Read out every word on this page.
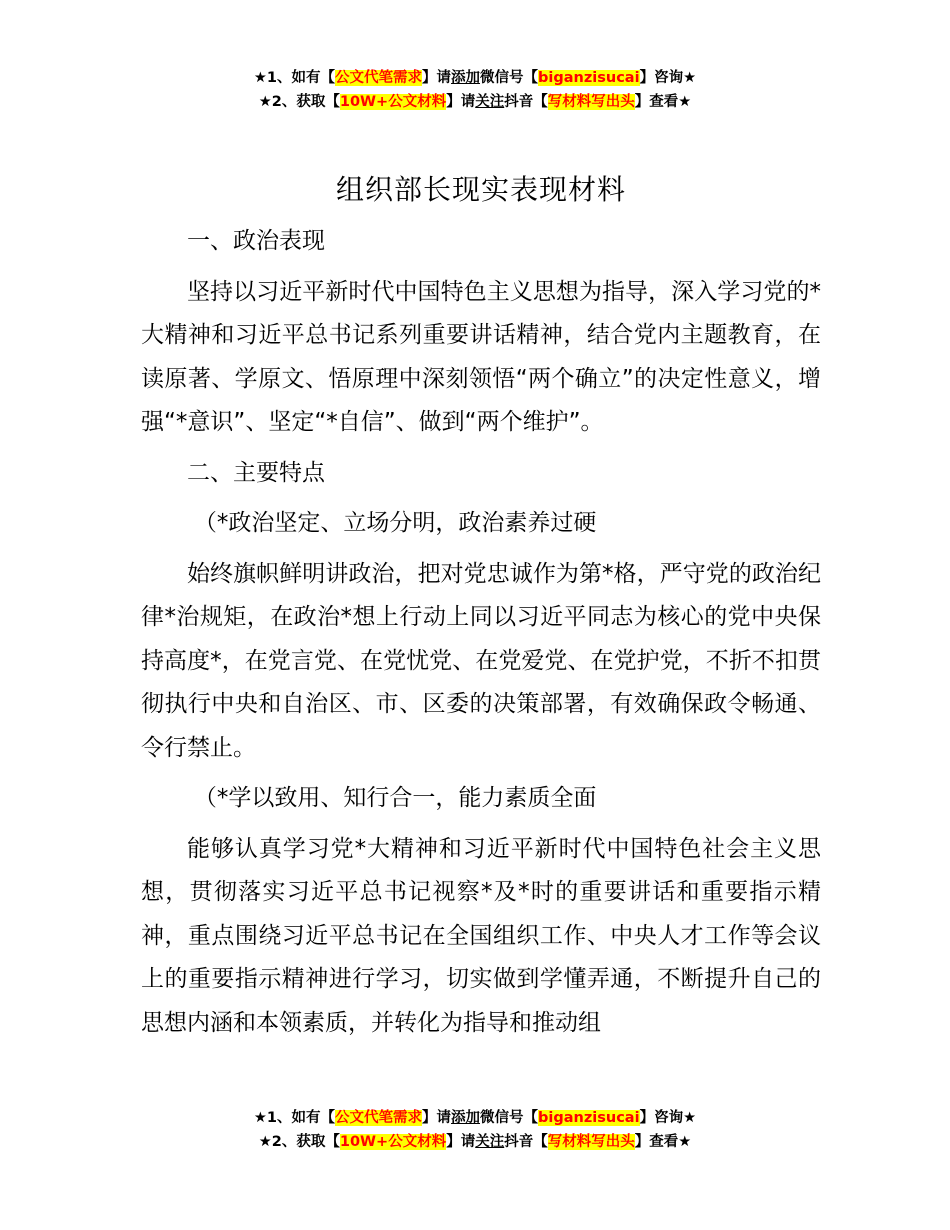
★1、如有【公文代笔需求】请添加微信号【biganzisucai】咨询★
★2、获取【10W+公文材料】请关注抖音【写材料写出头】查看★
组织部长现实表现材料

一、政治表现

坚持以习近平新时代中国特色主义思想为指导，深入学习党的*大精神和习近平总书记系列重要讲话精神，结合党内主题教育，在读原著、学原文、悟原理中深刻领悟“两个确立”的决定性意义，增强“*意识”、坚定“*自信”、做到“两个维护”。

二、主要特点

（*政治坚定、立场分明，政治素养过硬

始终旗帜鲜明讲政治，把对党忠诚作为第*格，严守党的政治纪律*治规矩，在政治*想上行动上同以习近平同志为核心的党中央保持高度*，在党言党、在党忧党、在党爱党、在党护党，不折不扣贯彻执行中央和自治区、市、区委的决策部署，有效确保政令畅通、令行禁止。

（*学以致用、知行合一，能力素质全面

能够认真学习党*大精神和习近平新时代中国特色社会主义思想，贯彻落实习近平总书记视察*及*时的重要讲话和重要指示精神，重点围绕习近平总书记在全国组织工作、中央人才工作等会议上的重要指示精神进行学习，切实做到学懂弄通，不断提升自己的思想内涵和本领素质，并转化为指导和推动组

★1、如有【公文代笔需求】请添加微信号【biganzisucai】咨询★
★2、获取【10W+公文材料】请关注抖音【写材料写出头】查看★
